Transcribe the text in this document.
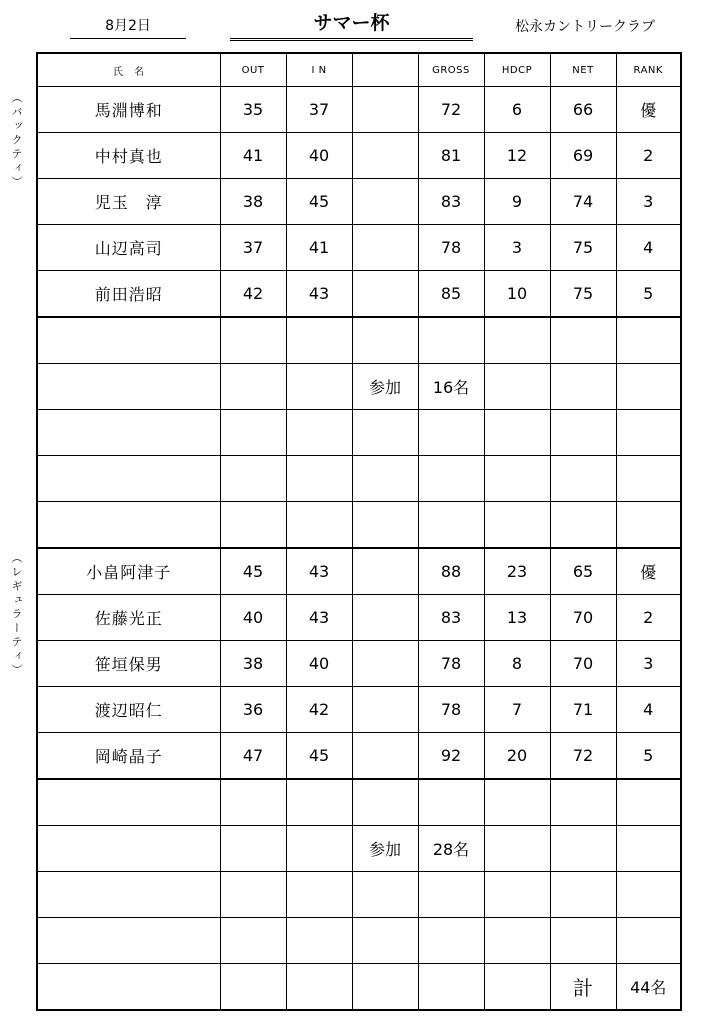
8月2日	サマー杯	松永カントリークラブ
（バックティ）
（レギュラーティ）
氏　名	OUT	I N		GROSS	HDCP	NET	RANK
馬淵博和	35	37		72	6	66	優
中村真也	41	40		81	12	69	2
児玉　淳	38	45		83	9	74	3
山辺高司	37	41		78	3	75	4
前田浩昭	42	43		85	10	75	5

			参加	16名			

小畠阿津子	45	43		88	23	65	優
佐藤光正	40	43		83	13	70	2
笹垣保男	38	40		78	8	70	3
渡辺昭仁	36	42		78	7	71	4
岡崎晶子	47	45		92	20	72	5

			参加	28名			

						計	44名
